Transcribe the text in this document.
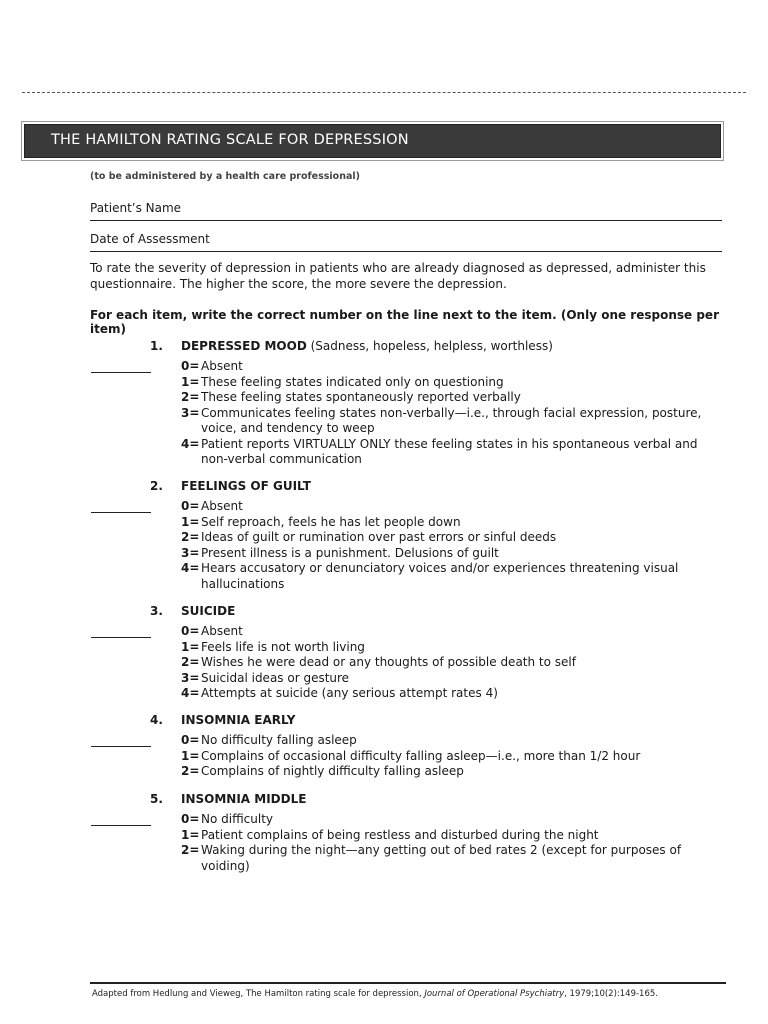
THE HAMILTON RATING SCALE FOR DEPRESSION
(to be administered by a health care professional)
Patient’s Name
Date of Assessment
To rate the severity of depression in patients who are already diagnosed as depressed, administer this questionnaire. The higher the score, the more severe the depression.
For each item, write the correct number on the line next to the item. (Only one response per item)
1. DEPRESSED MOOD (Sadness, hopeless, helpless, worthless)
0= Absent
1= These feeling states indicated only on questioning
2= These feeling states spontaneously reported verbally
3= Communicates feeling states non-verbally—i.e., through facial expression, posture, voice, and tendency to weep
4= Patient reports VIRTUALLY ONLY these feeling states in his spontaneous verbal and non-verbal communication
2. FEELINGS OF GUILT
0= Absent
1= Self reproach, feels he has let people down
2= Ideas of guilt or rumination over past errors or sinful deeds
3= Present illness is a punishment. Delusions of guilt
4= Hears accusatory or denunciatory voices and/or experiences threatening visual hallucinations
3. SUICIDE
0= Absent
1= Feels life is not worth living
2= Wishes he were dead or any thoughts of possible death to self
3= Suicidal ideas or gesture
4= Attempts at suicide (any serious attempt rates 4)
4. INSOMNIA EARLY
0= No difficulty falling asleep
1= Complains of occasional difficulty falling asleep—i.e., more than 1/2 hour
2= Complains of nightly difficulty falling asleep
5. INSOMNIA MIDDLE
0= No difficulty
1= Patient complains of being restless and disturbed during the night
2= Waking during the night—any getting out of bed rates 2 (except for purposes of voiding)
Adapted from Hedlung and Vieweg, The Hamilton rating scale for depression, Journal of Operational Psychiatry, 1979;10(2):149-165.
